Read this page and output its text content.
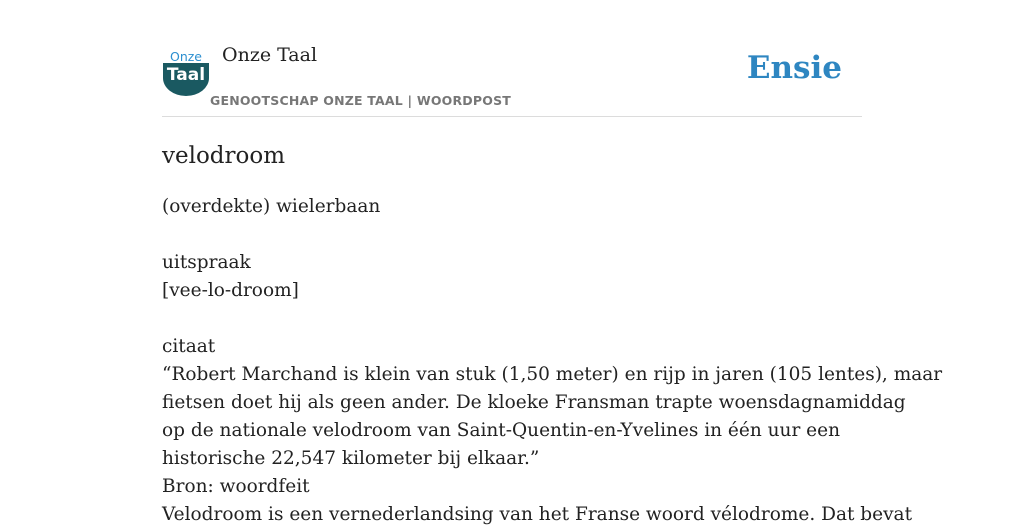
Onze
Taal
Onze Taal
GENOOTSCHAP ONZE TAAL | WOORDPOST
Ensie
velodroom
(overdekte) wielerbaan
uitspraak
[vee-lo-droom]
citaat
“Robert Marchand is klein van stuk (1,50 meter) en rijp in jaren (105 lentes), maar
fietsen doet hij als geen ander. De kloeke Fransman trapte woensdagnamiddag
op de nationale velodroom van Saint-Quentin-en-Yvelines in één uur een
historische 22,547 kilometer bij elkaar.”
Bron: woordfeit
Velodroom is een vernederlandsing van het Franse woord vélodrome. Dat bevat
